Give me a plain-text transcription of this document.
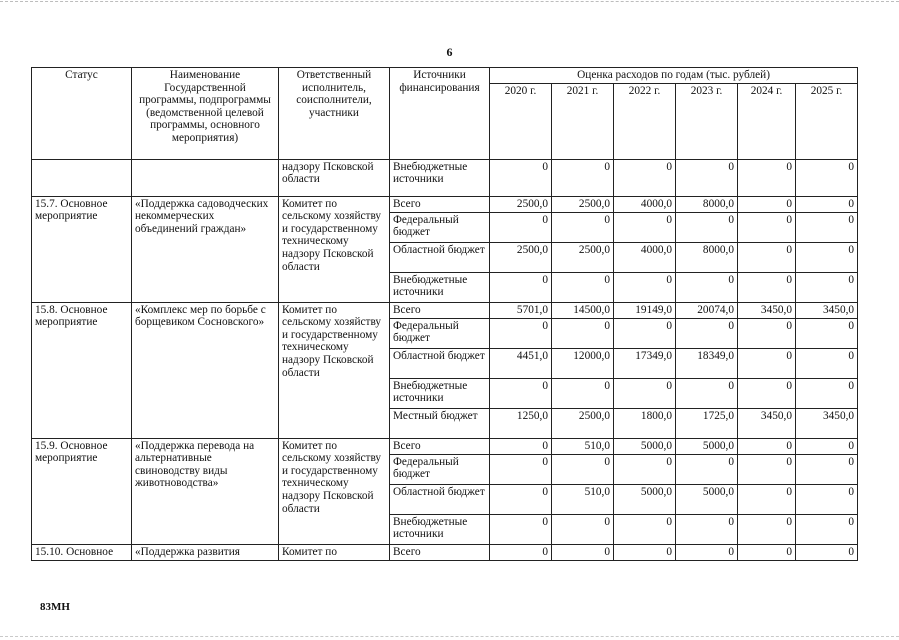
6
Статус	Наименование Государственной программы, подпрограммы (ведомственной целевой программы, основного мероприятия)	Ответственный исполнитель, соисполнители, участники	Источники финансирования	Оценка расходов по годам (тыс. рублей)					
				2020 г.	2021 г.	2022 г.	2023 г.	2024 г.	2025 г.
		надзору Псковской области	Внебюджетные источники	0	0	0	0	0	0
15.7. Основное мероприятие	«Поддержка садоводческих некоммерческих объединений граждан»	Комитет по сельскому хозяйству и государственному техническому надзору Псковской области	Всего	2500,0	2500,0	4000,0	8000,0	0	0
			Федеральный бюджет	0	0	0	0	0	0
			Областной бюджет	2500,0	2500,0	4000,0	8000,0	0	0
			Внебюджетные источники	0	0	0	0	0	0
15.8. Основное мероприятие	«Комплекс мер по борьбе с борщевиком Сосновского»	Комитет по сельскому хозяйству и государственному техническому надзору Псковской области	Всего	5701,0	14500,0	19149,0	20074,0	3450,0	3450,0
			Федеральный бюджет	0	0	0	0	0	0
			Областной бюджет	4451,0	12000,0	17349,0	18349,0	0	0
			Внебюджетные источники	0	0	0	0	0	0
			Местный бюджет	1250,0	2500,0	1800,0	1725,0	3450,0	3450,0
15.9. Основное мероприятие	«Поддержка перевода на альтернативные свиноводству виды животноводства»	Комитет по сельскому хозяйству и государственному техническому надзору Псковской области	Всего	0	510,0	5000,0	5000,0	0	0
			Федеральный бюджет	0	0	0	0	0	0
			Областной бюджет	0	510,0	5000,0	5000,0	0	0
			Внебюджетные источники	0	0	0	0	0	0
15.10. Основное	«Поддержка развития	Комитет по	Всего	0	0	0	0	0	0
83МН
